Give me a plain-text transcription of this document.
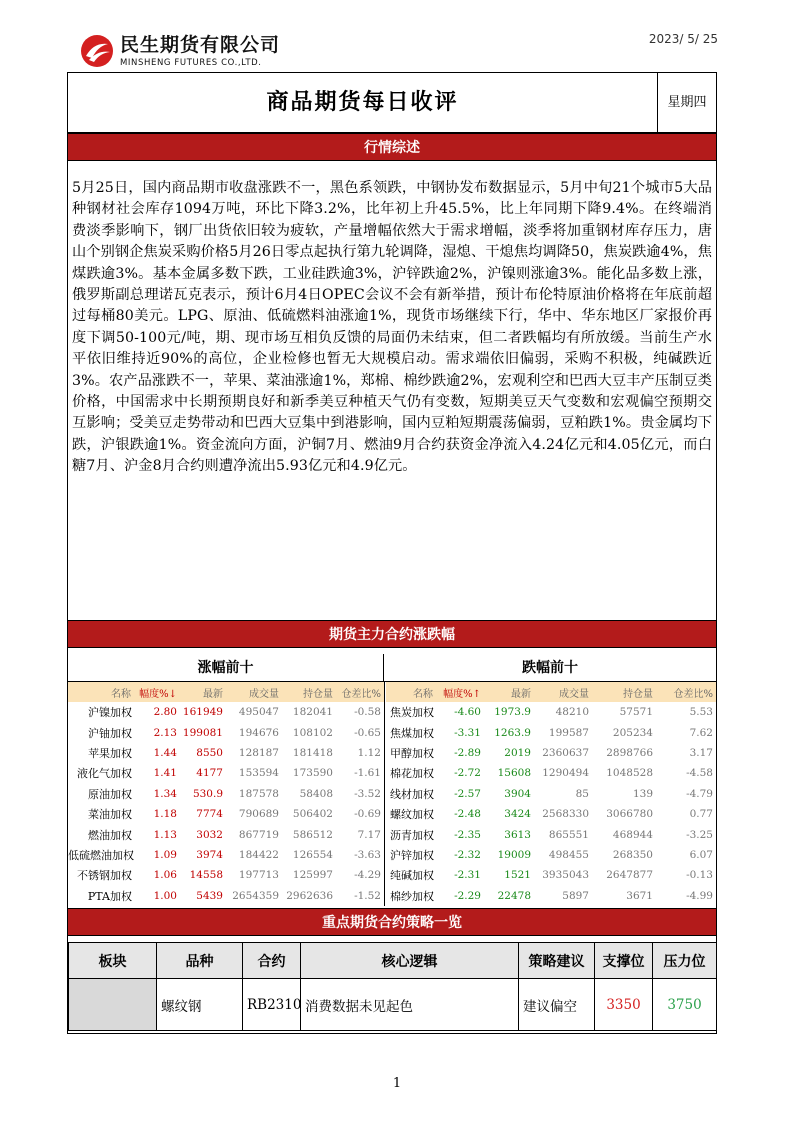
民生期货有限公司
MINSHENG FUTURES CO.,LTD.
2023/ 5/ 25
商品期货每日收评	星期四
行情综述
5月25日，国内商品期市收盘涨跌不一，黑色系领跌，中钢协发布数据显示，5月中旬21个城市5大品种钢材社会库存1094万吨，环比下降3.2%，比年初上升45.5%，比上年同期下降9.4%。在终端消费淡季影响下，钢厂出货依旧较为疲软，产量增幅依然大于需求增幅，淡季将加重钢材库存压力，唐山个别钢企焦炭采购价格5月26日零点起执行第九轮调降，湿熄、干熄焦均调降50，焦炭跌逾4%，焦煤跌逾3%。基本金属多数下跌，工业硅跌逾3%，沪锌跌逾2%，沪镍则涨逾3%。能化品多数上涨，俄罗斯副总理诺瓦克表示，预计6月4日OPEC会议不会有新举措，预计布伦特原油价格将在年底前超过每桶80美元。LPG、原油、低硫燃料油涨逾1%，现货市场继续下行，华中、华东地区厂家报价再度下调50-100元/吨，期、现市场互相负反馈的局面仍未结束，但二者跌幅均有所放缓。当前生产水平依旧维持近90%的高位，企业检修也暂无大规模启动。需求端依旧偏弱，采购不积极，纯碱跌近3%。农产品涨跌不一，苹果、菜油涨逾1%，郑棉、棉纱跌逾2%，宏观利空和巴西大豆丰产压制豆类价格，中国需求中长期预期良好和新季美豆种植天气仍有变数，短期美豆天气变数和宏观偏空预期交互影响；受美豆走势带动和巴西大豆集中到港影响，国内豆粕短期震荡偏弱，豆粕跌1%。贵金属均下跌，沪银跌逾1%。资金流向方面，沪铜7月、燃油9月合约获资金净流入4.24亿元和4.05亿元，而白糖7月、沪金8月合约则遭净流出5.93亿元和4.9亿元。
期货主力合约涨跌幅
涨幅前十	跌幅前十
名称	幅度%↓	最新	成交量	持仓量	仓差比%
沪镍加权	2.80	161949	495047	182041	-0.58
沪铀加权	2.13	199081	194676	108102	-0.65
苹果加权	1.44	8550	128187	181418	1.12
液化气加权	1.41	4177	153594	173590	-1.61
原油加权	1.34	530.9	187578	58408	-3.52
菜油加权	1.18	7774	790689	506402	-0.69
燃油加权	1.13	3032	867719	586512	7.17
低硫燃油加权	1.09	3974	184422	126554	-3.63
不锈钢加权	1.06	14558	197713	125997	-4.29
PTA加权	1.00	5439	2654359	2962636	-1.52
名称	幅度%↑	最新	成交量	持仓量	仓差比%
焦炭加权	-4.60	1973.9	48210	57571	5.53
焦煤加权	-3.31	1263.9	199587	205234	7.62
甲醇加权	-2.89	2019	2360637	2898766	3.17
棉花加权	-2.72	15608	1290494	1048528	-4.58
线材加权	-2.57	3904	85	139	-4.79
螺纹加权	-2.48	3424	2568330	3066780	0.77
沥青加权	-2.35	3613	865551	468944	-3.25
沪锌加权	-2.32	19009	498455	268350	6.07
纯碱加权	-2.31	1521	3935043	2647877	-0.13
棉纱加权	-2.29	22478	5897	3671	-4.99
重点期货合约策略一览
板块	品种	合约	核心逻辑	策略建议	支撑位	压力位
	螺纹钢	RB2310	消费数据未见起色	建议偏空	3350	3750
1
